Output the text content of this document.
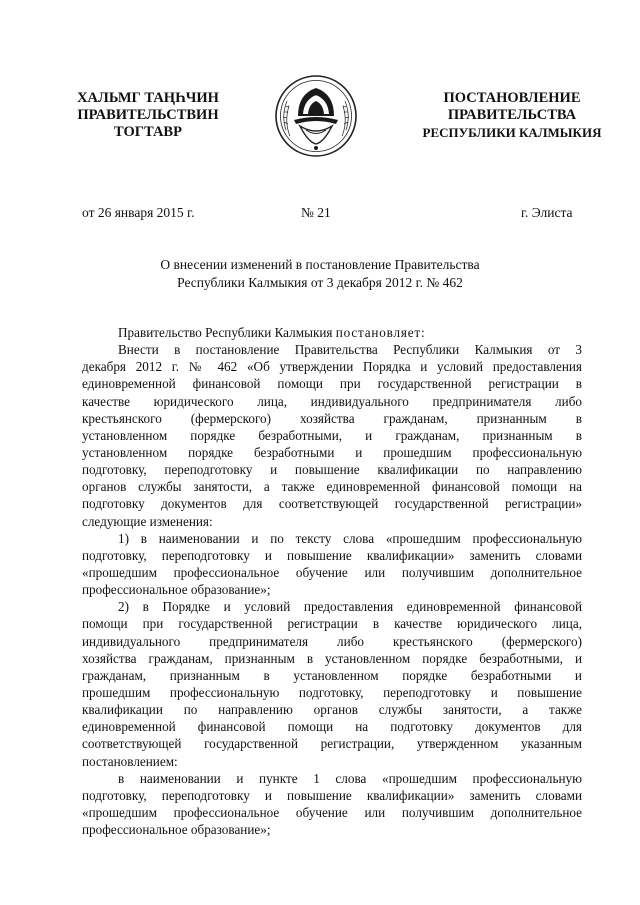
ХАЛЬМГ ТАҢҺЧИН
ПРАВИТЕЛЬСТВИН
ТОГТАВР
ПОСТАНОВЛЕНИЕ
ПРАВИТЕЛЬСТВА
РЕСПУБЛИКИ КАЛМЫКИЯ
от 26 января 2015 г.	№ 21	г. Элиста
О внесении изменений в постановление Правительства
Республики Калмыкия от 3 декабря 2012 г. № 462
Правительство Республики Калмыкия постановляет:
Внести в постановление Правительства Республики Калмыкия от 3
декабря 2012 г. № 462 «Об утверждении Порядка и условий предоставления
единовременной финансовой помощи при государственной регистрации в
качестве юридического лица, индивидуального предпринимателя либо
крестьянского (фермерского) хозяйства гражданам, признанным в
установленном порядке безработными, и гражданам, признанным в
установленном порядке безработными и прошедшим профессиональную
подготовку, переподготовку и повышение квалификации по направлению
органов службы занятости, а также единовременной финансовой помощи на
подготовку документов для соответствующей государственной регистрации»
следующие изменения:
1) в наименовании и по тексту слова «прошедшим профессиональную
подготовку, переподготовку и повышение квалификации» заменить словами
«прошедшим профессиональное обучение или получившим дополнительное
профессиональное образование»;
2) в Порядке и условий предоставления единовременной финансовой
помощи при государственной регистрации в качестве юридического лица,
индивидуального предпринимателя либо крестьянского (фермерского)
хозяйства гражданам, признанным в установленном порядке безработными, и
гражданам, признанным в установленном порядке безработными и
прошедшим профессиональную подготовку, переподготовку и повышение
квалификации по направлению органов службы занятости, а также
единовременной финансовой помощи на подготовку документов для
соответствующей государственной регистрации, утвержденном указанным
постановлением:
в наименовании и пункте 1 слова «прошедшим профессиональную
подготовку, переподготовку и повышение квалификации» заменить словами
«прошедшим профессиональное обучение или получившим дополнительное
профессиональное образование»;
